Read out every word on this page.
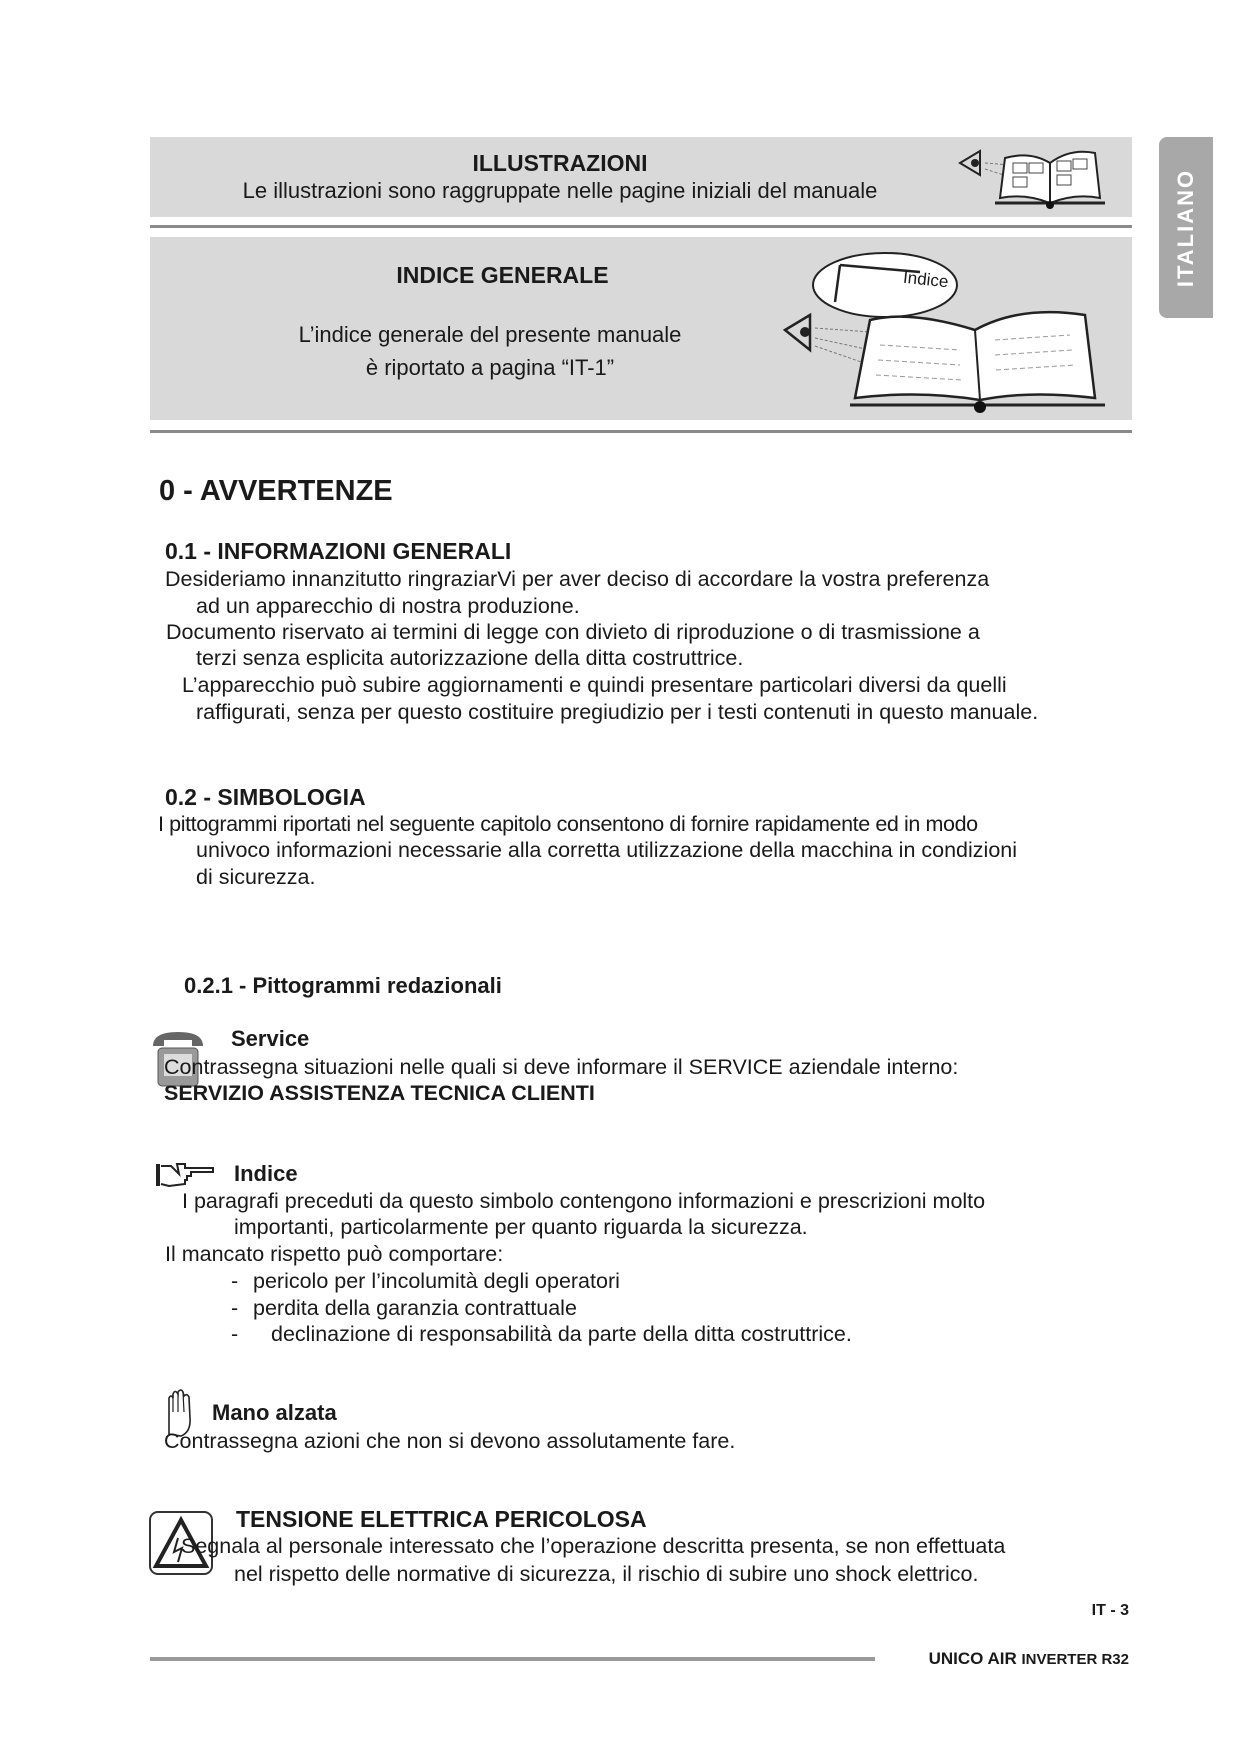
ITALIANO
ILLUSTRAZIONI
Le illustrazioni sono raggruppate nelle pagine iniziali del manuale
INDICE GENERALE
L’indice generale del presente manuale
è riportato a pagina “IT-1”
Indice
0 - AVVERTENZE
0.1 - INFORMAZIONI GENERALI
Desideriamo innanzitutto ringraziarVi per aver deciso di accordare la vostra preferenza
ad un apparecchio di nostra produzione.
Documento riservato ai termini di legge con divieto di riproduzione o di trasmissione a
terzi senza esplicita autorizzazione della ditta costruttrice.
L’apparecchio può subire aggiornamenti e quindi presentare particolari diversi da quelli
raffigurati, senza per questo costituire pregiudizio per i testi contenuti in questo manuale.
0.2 - SIMBOLOGIA
I pittogrammi riportati nel seguente capitolo consentono di fornire rapidamente ed in modo
univoco informazioni necessarie alla corretta utilizzazione della macchina in condizioni
di sicurezza.
0.2.1 - Pittogrammi redazionali
Service
Contrassegna situazioni nelle quali si deve informare il SERVICE aziendale interno:
SERVIZIO ASSISTENZA TECNICA CLIENTI
Indice
I paragrafi preceduti da questo simbolo contengono informazioni e prescrizioni molto
importanti, particolarmente per quanto riguarda la sicurezza.
Il mancato rispetto può comportare:
- pericolo per l’incolumità degli operatori
- perdita della garanzia contrattuale
- declinazione di responsabilità da parte della ditta costruttrice.
Mano alzata
Contrassegna azioni che non si devono assolutamente fare.
TENSIONE ELETTRICA PERICOLOSA
Segnala al personale interessato che l’operazione descritta presenta, se non effettuata
nel rispetto delle normative di sicurezza, il rischio di subire uno shock elettrico.
IT - 3
UNICO AIR INVERTER R32
